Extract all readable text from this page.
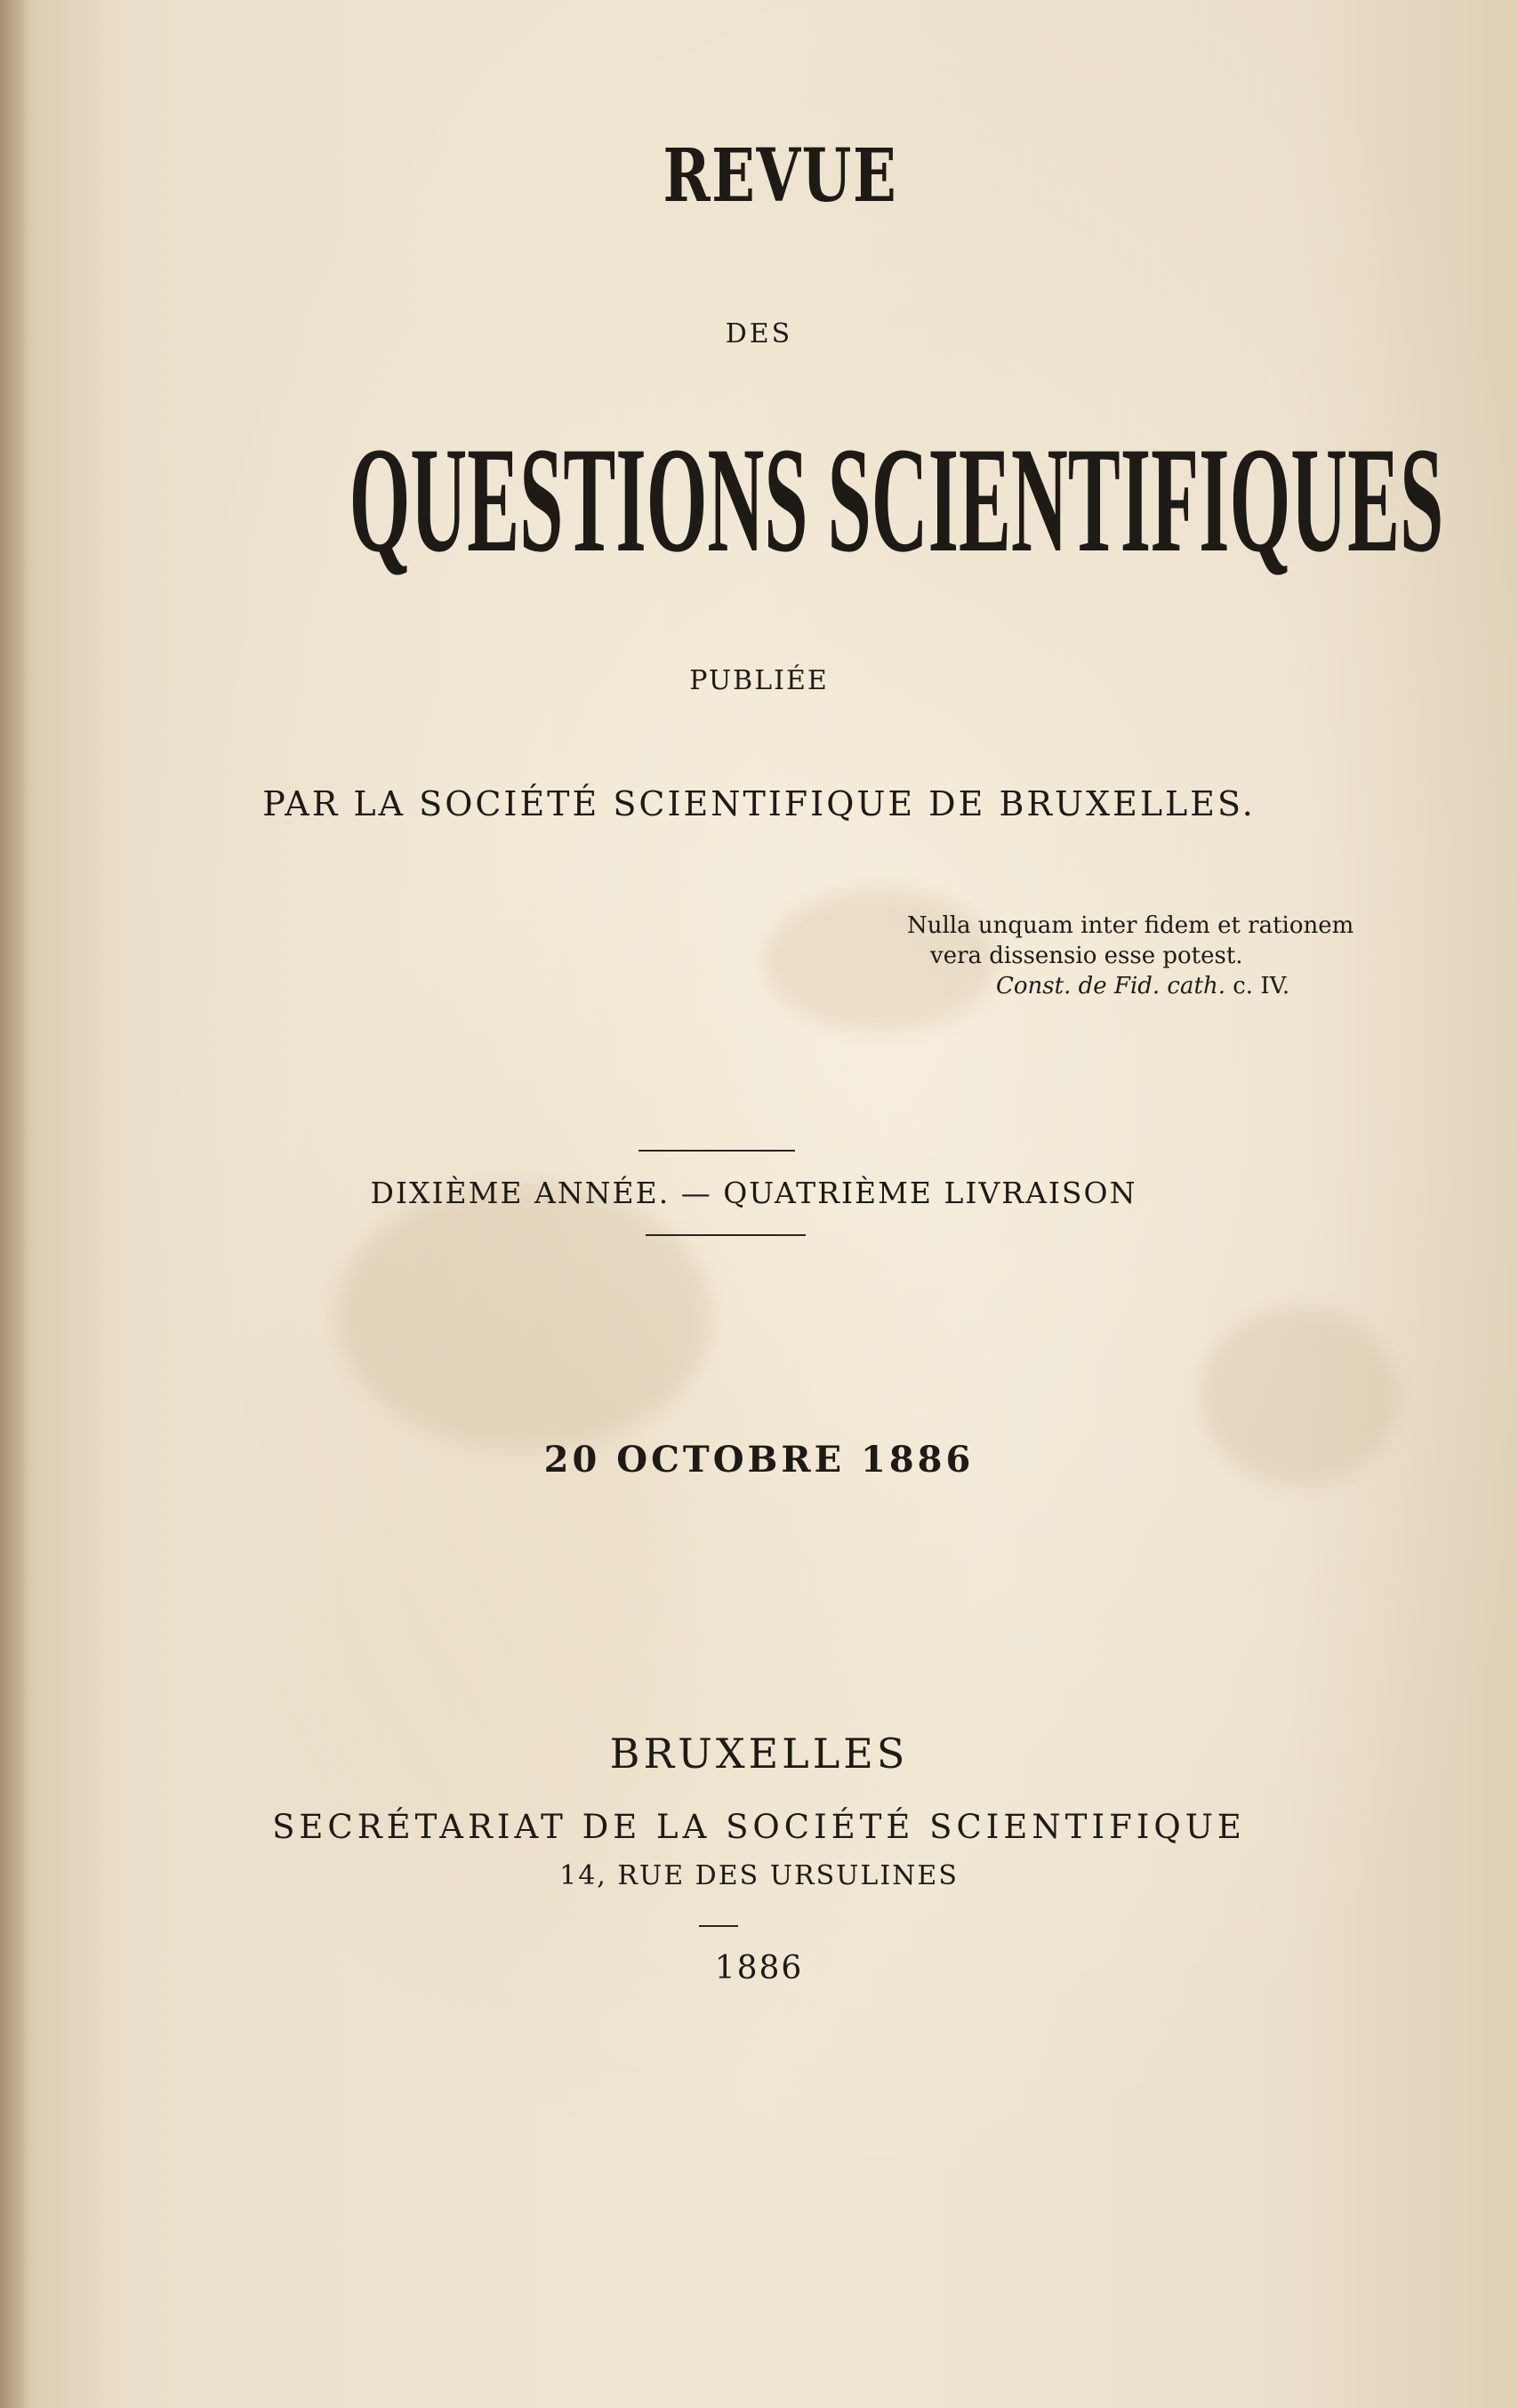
REVUE
DES
QUESTIONS SCIENTIFIQUES
PUBLIÉE
PAR LA SOCIÉTÉ SCIENTIFIQUE DE BRUXELLES.
Nulla unquam inter fidem et rationem
vera dissensio esse potest.
Const. de Fid. cath. c. IV.
DIXIÈME ANNÉE. — QUATRIÈME LIVRAISON
20 OCTOBRE 1886
BRUXELLES
SECRÉTARIAT DE LA SOCIÉTÉ SCIENTIFIQUE
14, RUE DES URSULINES
1886
